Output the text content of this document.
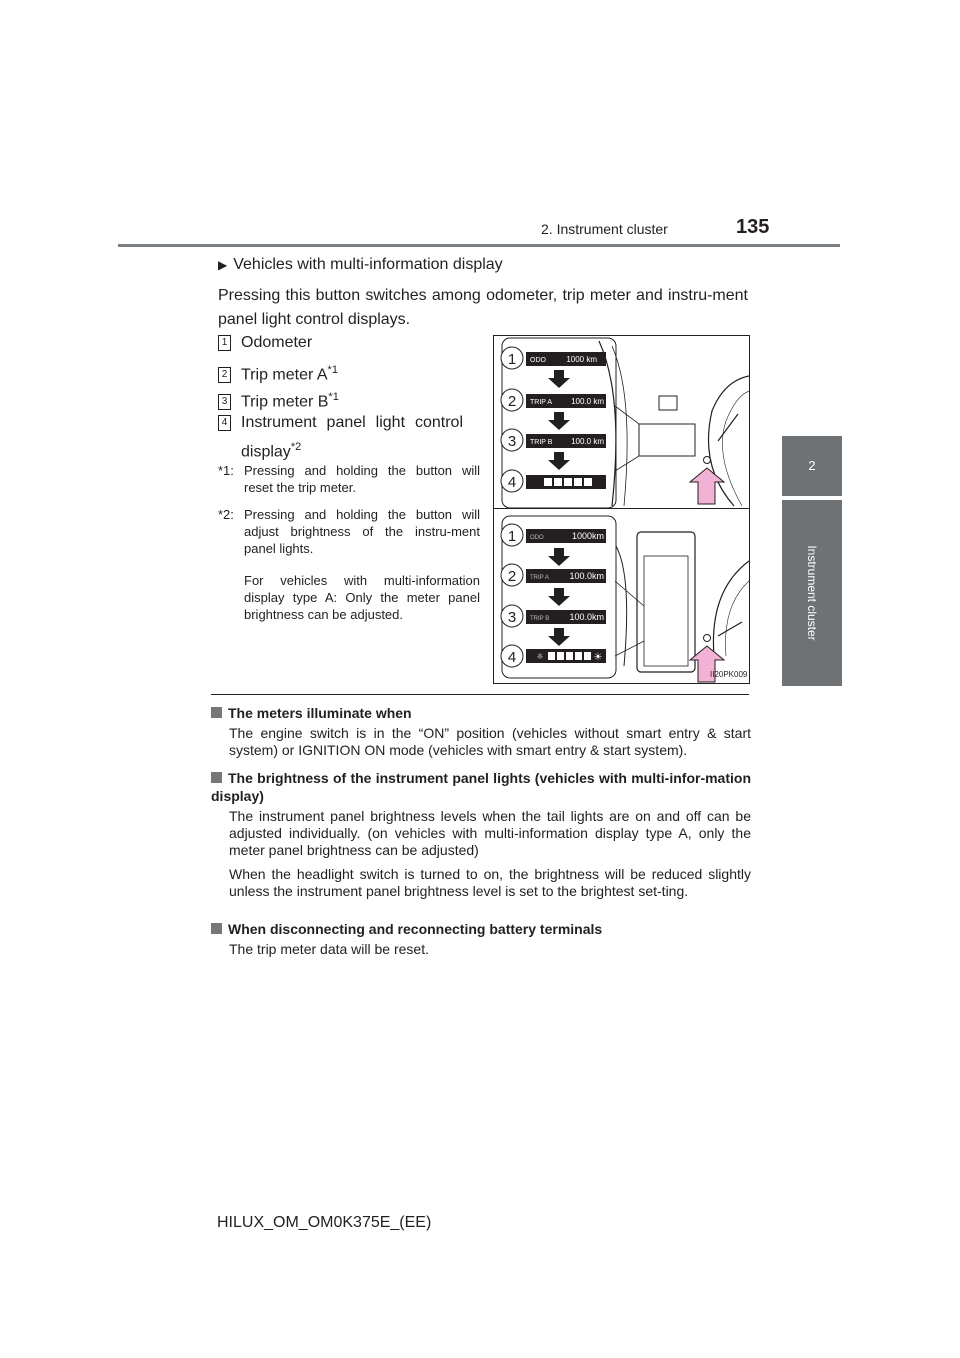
2. Instrument cluster	135
2
Instrument cluster
▶ Vehicles with multi-information display
Pressing this button switches among odometer, trip meter and instru-ment panel light control displays.
1 Odometer
2 Trip meter $A^{*1}$
3 Trip meter $B^{*1}$
4 Instrument panel light control display$^{*2}$
*1: Pressing and holding the button will reset the trip meter.
*2: Pressing and holding the button will adjust brightness of the instru-ment panel lights.
For vehicles with multi-information display type A: Only the meter panel brightness can be adjusted.
1 ODO	1000 km
2 TRIP A 100.0 km
3 TRIP B 100.0 km
4
1 ODO	1000km
2 TRIP A 100.0km
3 TRIP B 100.0km
4	☼	☀
II20PK009
The meters illuminate when
The engine switch is in the “ON” position (vehicles without smart entry & start system) or IGNITION ON mode (vehicles with smart entry & start system).
The brightness of the instrument panel lights (vehicles with multi-infor-mation display)
The instrument panel brightness levels when the tail lights are on and off can be adjusted individually. (on vehicles with multi-information display type A, only the meter panel brightness can be adjusted)
When the headlight switch is turned to on, the brightness will be reduced slightly unless the instrument panel brightness level is set to the brightest set-ting.
When disconnecting and reconnecting battery terminals
The trip meter data will be reset.
HILUX_OM_OM0K375E_(EE)
